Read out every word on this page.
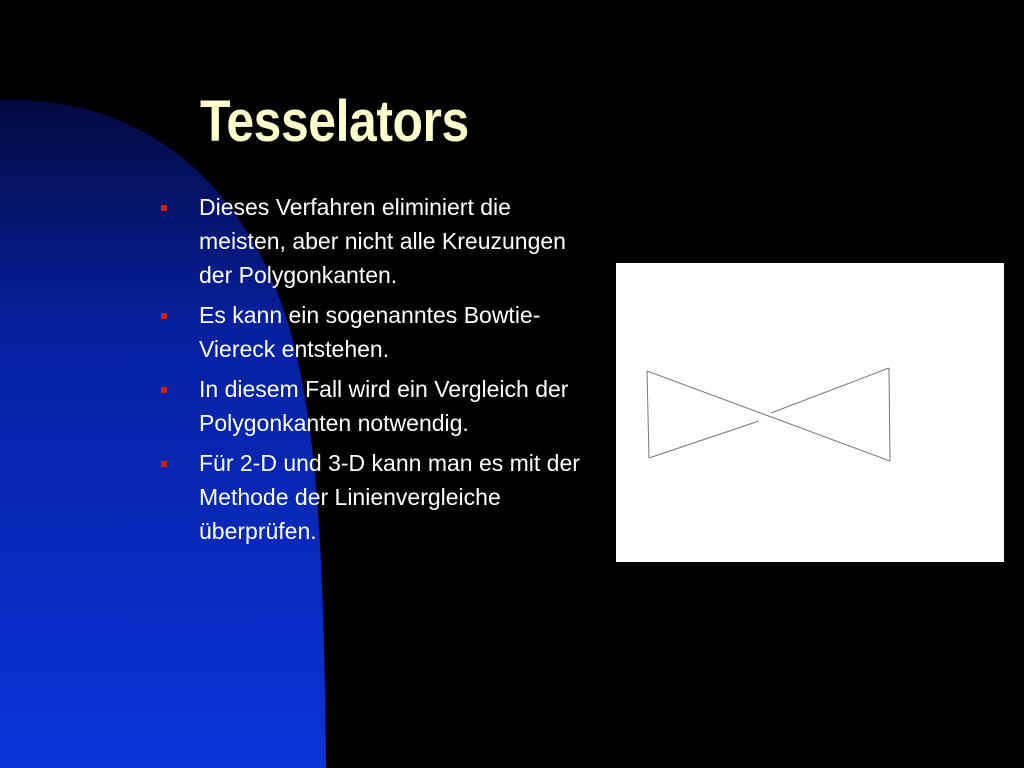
Tesselators
Dieses Verfahren eliminiert die meisten, aber nicht alle Kreuzungen der Polygonkanten.
Es kann ein sogenanntes Bowtie-Viereck entstehen.
In diesem Fall wird ein Vergleich der Polygonkanten notwendig.
Für 2-D und 3-D kann man es mit der Methode der Linienvergleiche überprüfen.
